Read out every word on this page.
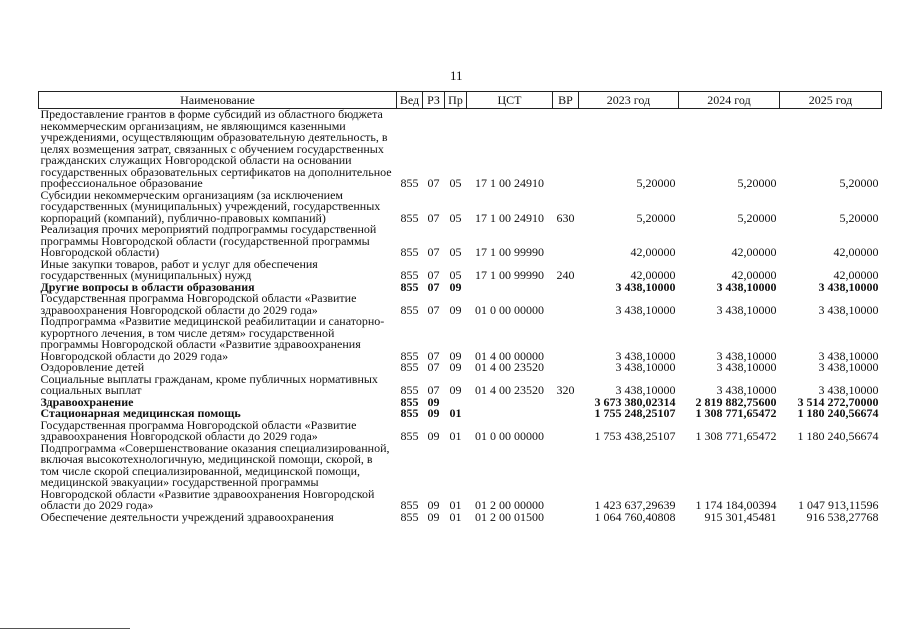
11
Наименование	Вед	РЗ	Пр	ЦСТ	ВР	2023 год	2024 год	2025 год
Предоставление грантов в форме субсидий из областного бюджета некоммерческим организациям, не являющимся казенными учреждениями, осуществляющим образовательную деятельность, в целях возмещения затрат, связанных с обучением государственных гражданских служащих Новгородской области на основании государственных образовательных сертификатов на дополнительное профессиональное образование	855	07	05	17 1 00 24910		5,20000	5,20000	5,20000
Субсидии некоммерческим организациям (за исключением государственных (муниципальных) учреждений, государственных корпораций (компаний), публично-правовых компаний)	855	07	05	17 1 00 24910	630	5,20000	5,20000	5,20000
Реализация прочих мероприятий подпрограммы государственной программы Новгородской области (государственной программы Новгородской области)	855	07	05	17 1 00 99990		42,00000	42,00000	42,00000
Иные закупки товаров, работ и услуг для обеспечения государственных (муниципальных) нужд	855	07	05	17 1 00 99990	240	42,00000	42,00000	42,00000
Другие вопросы в области образования	855	07	09			3 438,10000	3 438,10000	3 438,10000
Государственная программа Новгородской области «Развитие здравоохранения Новгородской области до 2029 года»	855	07	09	01 0 00 00000		3 438,10000	3 438,10000	3 438,10000
Подпрограмма «Развитие медицинской реабилитации и санаторно-курортного лечения, в том числе детям» государственной программы Новгородской области «Развитие здравоохранения Новгородской области до 2029 года»	855	07	09	01 4 00 00000		3 438,10000	3 438,10000	3 438,10000
Оздоровление детей	855	07	09	01 4 00 23520		3 438,10000	3 438,10000	3 438,10000
Социальные выплаты гражданам, кроме публичных нормативных социальных выплат	855	07	09	01 4 00 23520	320	3 438,10000	3 438,10000	3 438,10000
Здравоохранение	855	09				3 673 380,02314	2 819 882,75600	3 514 272,70000
Стационарная медицинская помощь	855	09	01			1 755 248,25107	1 308 771,65472	1 180 240,56674
Государственная программа Новгородской области «Развитие здравоохранения Новгородской области до 2029 года»	855	09	01	01 0 00 00000		1 753 438,25107	1 308 771,65472	1 180 240,56674
Подпрограмма «Совершенствование оказания специализированной, включая высокотехнологичную, медицинской помощи, скорой, в том числе скорой специализированной, медицинской помощи, медицинской эвакуации» государственной программы Новгородской области «Развитие здравоохранения Новгородской области до 2029 года»	855	09	01	01 2 00 00000		1 423 637,29639	1 174 184,00394	1 047 913,11596
Обеспечение деятельности учреждений здравоохранения	855	09	01	01 2 00 01500		1 064 760,40808	915 301,45481	916 538,27768
